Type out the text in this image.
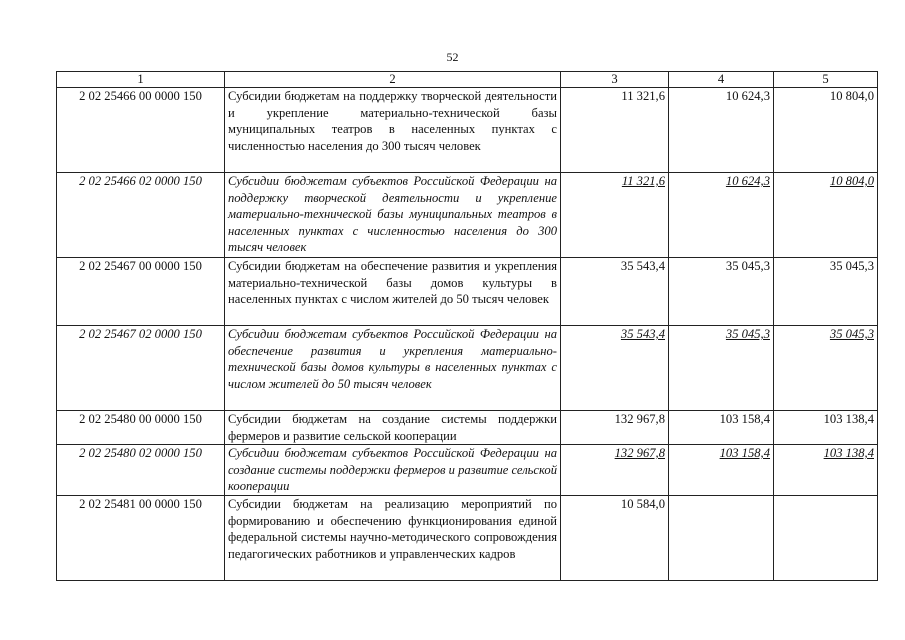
52
1	2	3	4	5
2 02 25466 00 0000 150	Субсидии бюджетам на поддержку творческой деятельности и укрепление материально-технической базы муниципальных театров в населенных пунктах с численностью населения до 300 тысяч человек	11 321,6	10 624,3	10 804,0
2 02 25466 02 0000 150	Субсидии бюджетам субъектов Российской Федерации на поддержку творческой деятельности и укрепление материально-технической базы муниципальных театров в населенных пунктах с численностью населения до 300 тысяч человек	11 321,6	10 624,3	10 804,0
2 02 25467 00 0000 150	Субсидии бюджетам на обеспечение развития и укрепления материально-технической базы домов культуры в населенных пунктах с числом жителей до 50 тысяч человек	35 543,4	35 045,3	35 045,3
2 02 25467 02 0000 150	Субсидии бюджетам субъектов Российской Федерации на обеспечение развития и укрепления материально-технической базы домов культуры в населенных пунктах с числом жителей до 50 тысяч человек	35 543,4	35 045,3	35 045,3
2 02 25480 00 0000 150	Субсидии бюджетам на создание системы поддержки фермеров и развитие сельской кооперации	132 967,8	103 158,4	103 138,4
2 02 25480 02 0000 150	Субсидии бюджетам субъектов Российской Федерации на создание системы поддержки фермеров и развитие сельской кооперации	132 967,8	103 158,4	103 138,4
2 02 25481 00 0000 150	Субсидии бюджетам на реализацию мероприятий по формированию и обеспечению функционирования единой федеральной системы научно-методического сопровождения педагогических работников и управленческих кадров	10 584,0		
